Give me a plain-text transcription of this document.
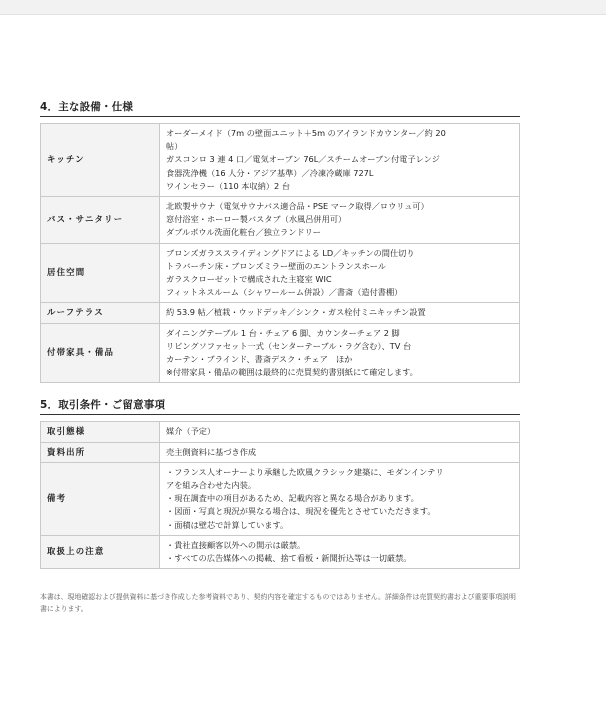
4．主な設備・仕様
キッチン	オーダーメイド（7m の壁面ユニット＋5m のアイランドカウンター／約 20
帖）
ガスコンロ 3 連 4 口／電気オーブン 76L／スチームオーブン付電子レンジ
食器洗浄機（16 人分・アジア基準）／冷凍冷蔵庫 727L
ワインセラー（110 本収納）2 台

バス・サニタリー	北欧製サウナ（電気サウナバス適合品・PSE マーク取得／ロウリュ可）
窓付浴室・ホーロー製バスタブ（水風呂併用可）
ダブルボウル洗面化粧台／独立ランドリー

居住空間	ブロンズガラススライディングドアによる LD／キッチンの間仕切り
トラバーチン床・ブロンズミラー壁面のエントランスホール
ガラスクローゼットで構成された主寝室 WIC
フィットネスルーム（シャワールーム併設）／書斎（造付書棚）

ルーフテラス	約 53.9 帖／植栽・ウッドデッキ／シンク・ガス栓付ミニキッチン設置

付帯家具・備品	ダイニングテーブル 1 台・チェア 6 脚、カウンターチェア 2 脚
リビングソファセット一式（センターテーブル・ラグ含む）、TV 台
カーテン・ブラインド、書斎デスク・チェア　ほか
※付帯家具・備品の範囲は最終的に売買契約書別紙にて確定します。
5．取引条件・ご留意事項
取引態様	媒介（予定）

資料出所	売主側資料に基づき作成

備考	・フランス人オーナーより承継した欧風クラシック建築に、モダンインテリ
アを組み合わせた内装。
・現在調査中の項目があるため、記載内容と異なる場合があります。
・図面・写真と現況が異なる場合は、現況を優先とさせていただきます。
・面積は壁芯で計算しています。

取扱上の注意	・貴社直接顧客以外への開示は厳禁。
・すべての広告媒体への掲載、捨て看板・新聞折込等は一切厳禁。
本書は、現地確認および提供資料に基づき作成した参考資料であり、契約内容を確定するものではありません。詳細条件は売買契約書および重要事項説明書によります。
